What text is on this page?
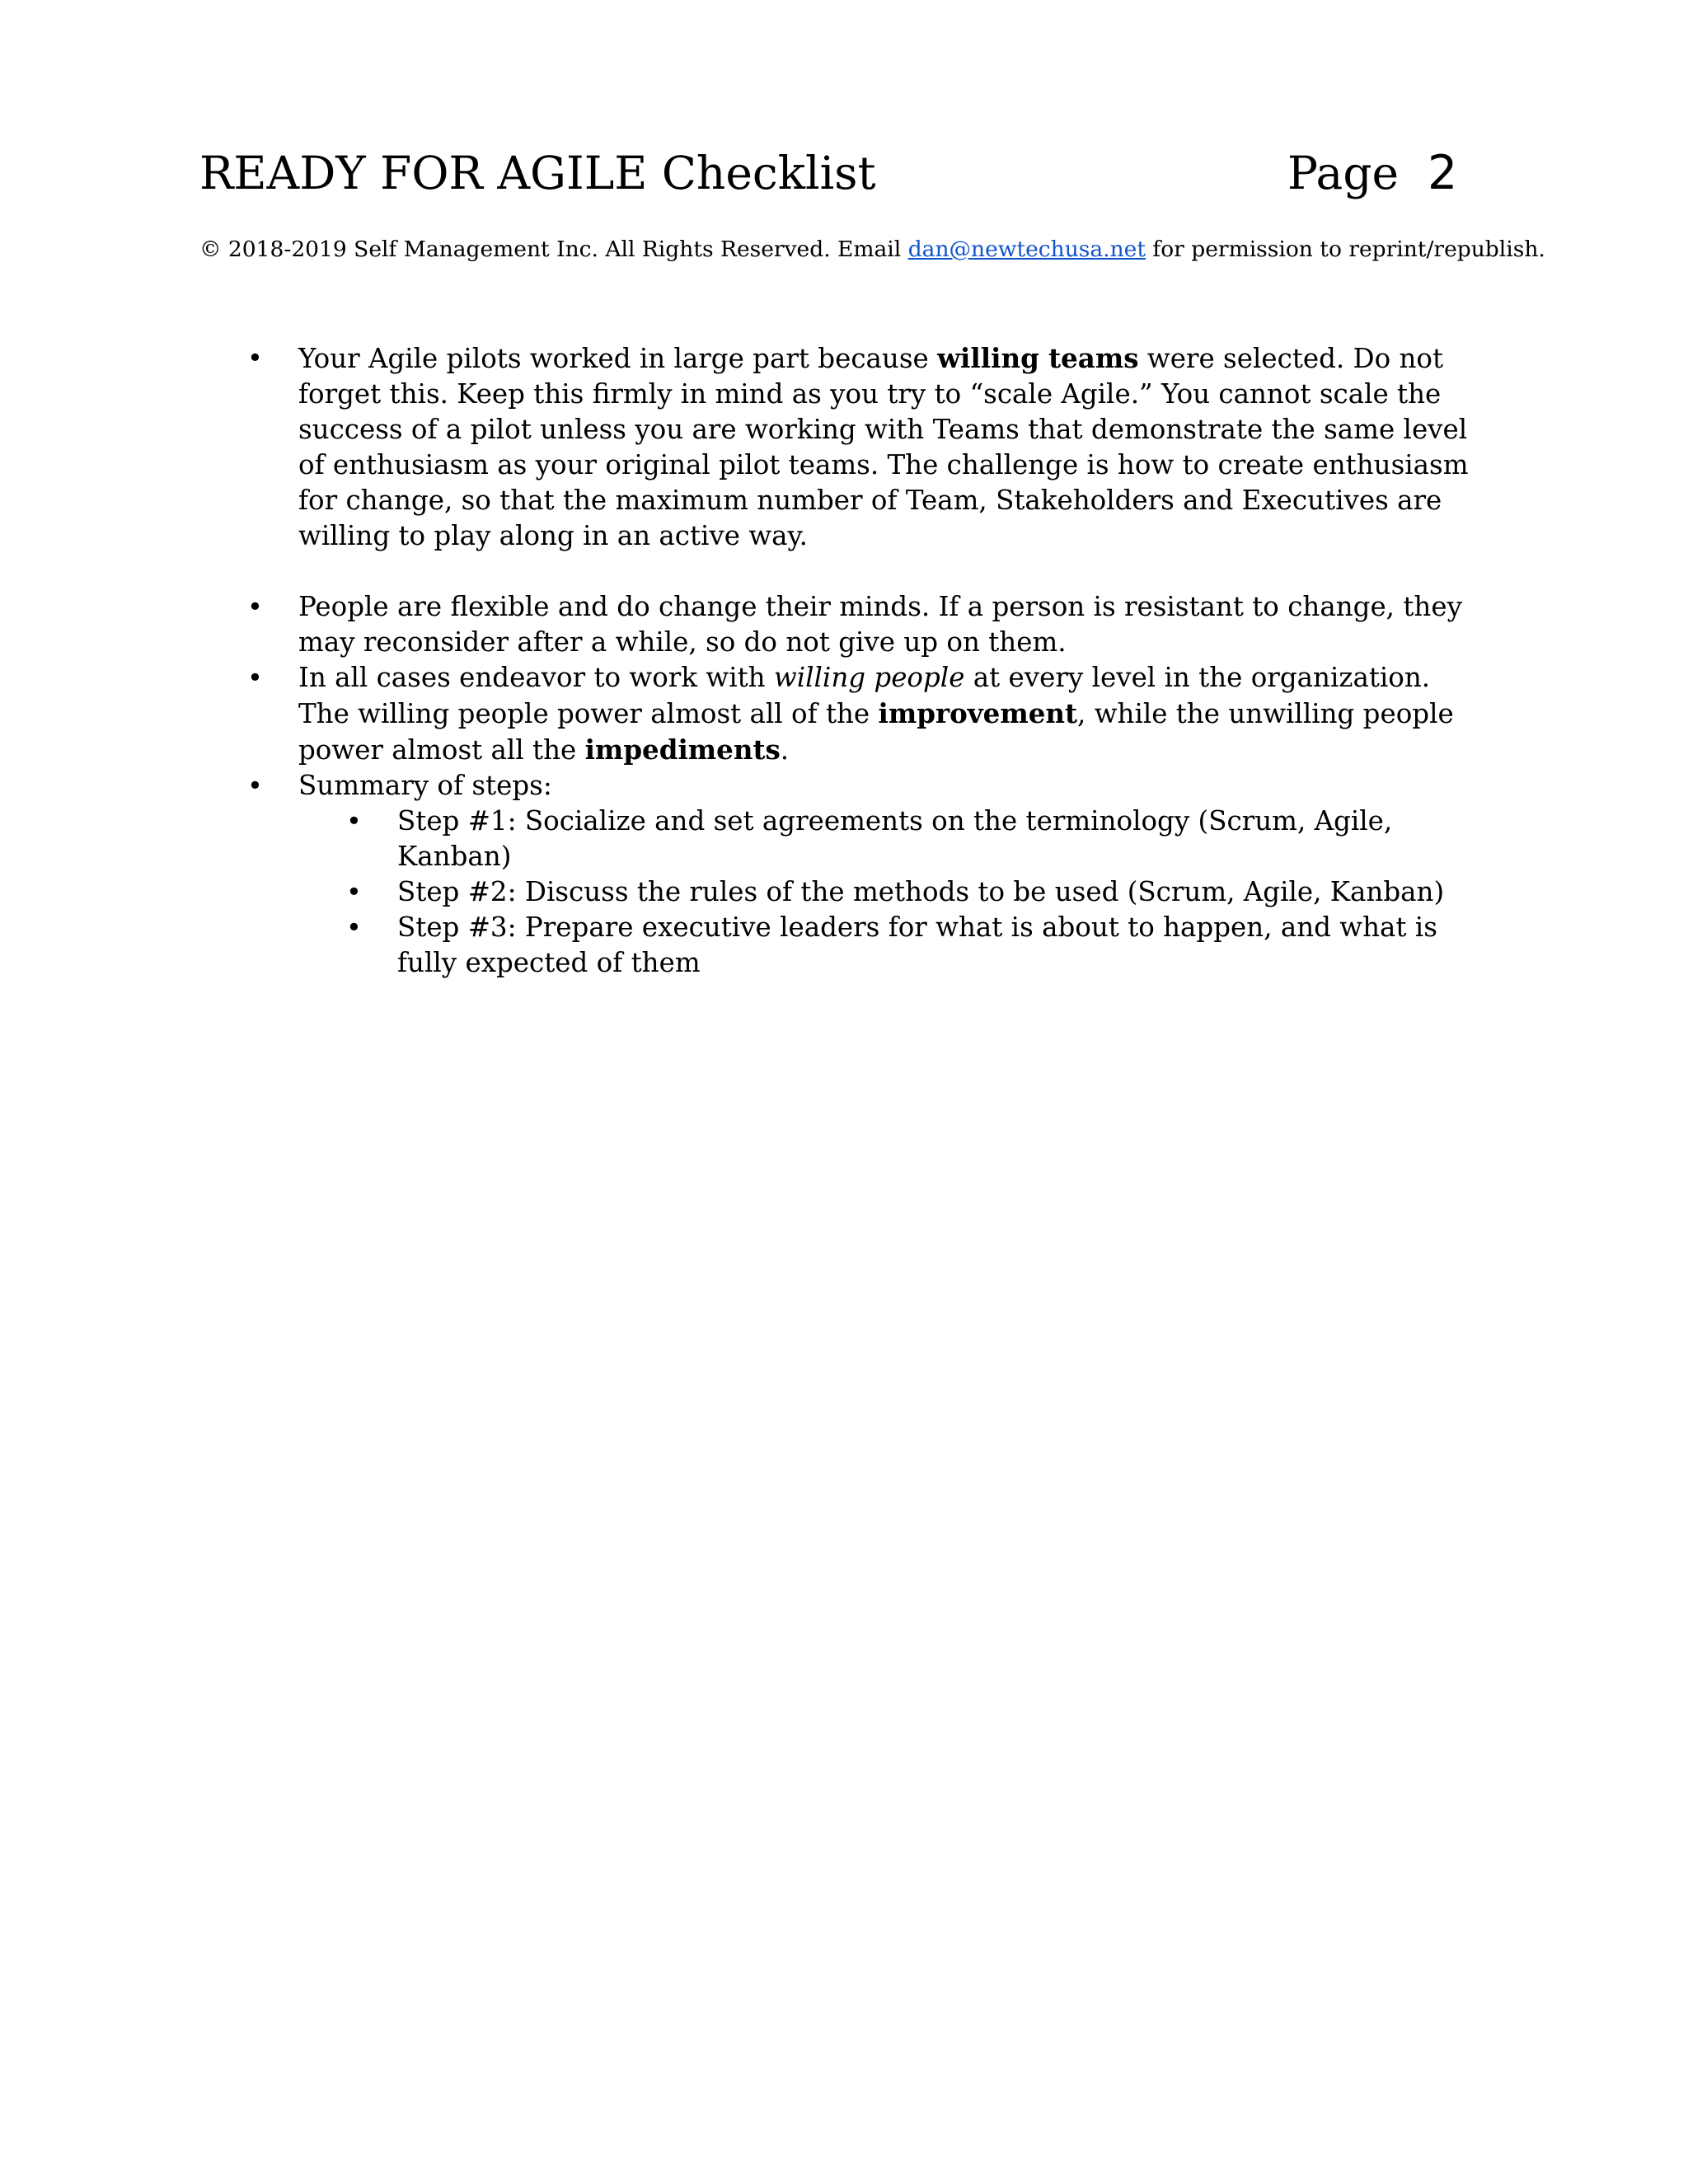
READY FOR AGILE Checklist	Page 2
© 2018-2019 Self Management Inc. All Rights Reserved. Email dan@newtechusa.net for permission to reprint/republish.
• Your Agile pilots worked in large part because willing teams were selected. Do not forget this. Keep this firmly in mind as you try to “scale Agile.” You cannot scale the success of a pilot unless you are working with Teams that demonstrate the same level of enthusiasm as your original pilot teams. The challenge is how to create enthusiasm for change, so that the maximum number of Team, Stakeholders and Executives are willing to play along in an active way.
• People are flexible and do change their minds. If a person is resistant to change, they may reconsider after a while, so do not give up on them.
• In all cases endeavor to work with willing people at every level in the organization. The willing people power almost all of the improvement, while the unwilling people power almost all the impediments.
• Summary of steps:
• Step #1: Socialize and set agreements on the terminology (Scrum, Agile, Kanban)
• Step #2: Discuss the rules of the methods to be used (Scrum, Agile, Kanban)
• Step #3: Prepare executive leaders for what is about to happen, and what is fully expected of them
